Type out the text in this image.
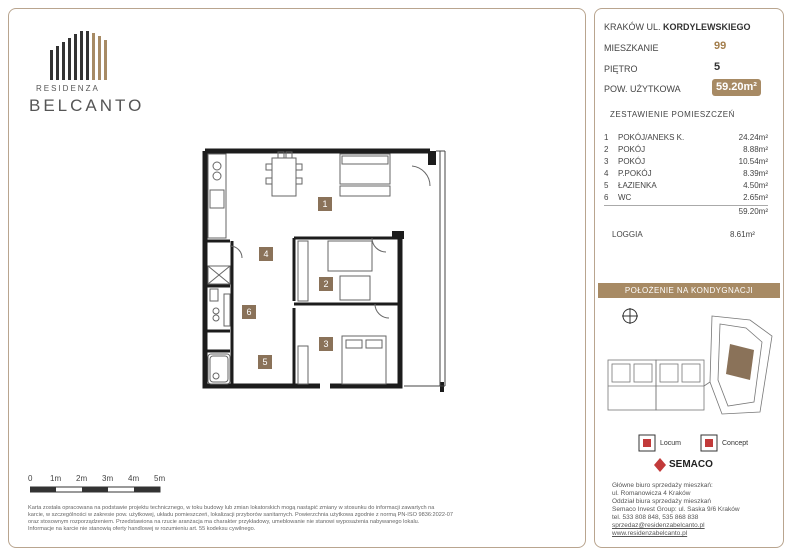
RESIDENZA
BELCANTO
1
2
3
4
5
6
0 1m 2m 3m 4m 5m
Karta została opracowana na podstawie projektu technicznego, w toku budowy lub zmian lokatorskich mogą nastąpić zmiany w stosunku do informacji zawartych na
karcie, w szczególności w zakresie pow. użytkowej, układu pomieszczeń, lokalizacji przyborów sanitarnych. Powierzchnia użytkowa zgodnie z normą PN-ISO 9836:2022-07
oraz stosownym rozporządzeniem. Przedstawiona na rzucie aranżacja ma charakter przykładowy, umeblowanie nie stanowi wyposażenia nabywanego lokalu.
Informacje na karcie nie stanowią oferty handlowej w rozumieniu art. 55 kodeksu cywilnego.
KRAKÓW UL. KORDYLEWSKIEGO
MIESZKANIE	99
PIĘTRO	5
POW. UŻYTKOWA	59.20m²
ZESTAWIENIE POMIESZCZEŃ
1 POKÓJ/ANEKS K.	24.24m²
2 POKÓJ	8.88m²
3 POKÓJ	10.54m²
4 P.POKÓJ	8.39m²
5 ŁAZIENKA	4.50m²
6 WC	2.65m²
59.20m²
LOGGIA	8.61m²
POŁOŻENIE NA KONDYGNACJI
Locum	Concept
SEMACO
Główne biuro sprzedaży mieszkań:
ul. Romanowicza 4 Kraków
Oddział biura sprzedaży mieszkań
Semaco Invest Group: ul. Saska 9/6 Kraków
tel. 533 808 848, 535 868 838
sprzedaz@residenzabelcanto.pl
www.residenzabelcanto.pl
